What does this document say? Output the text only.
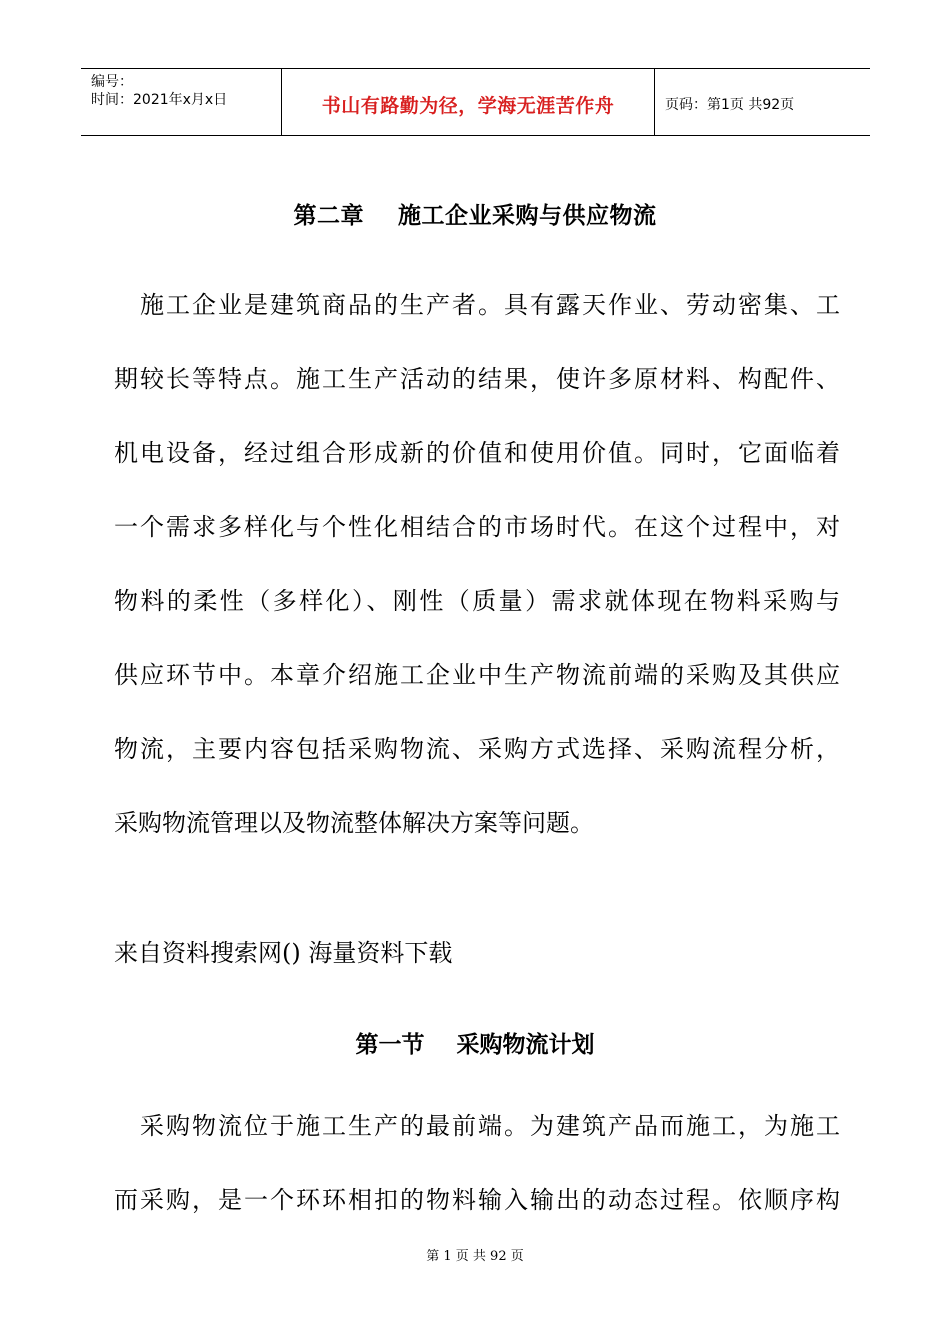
编号：
时间：2021年x月x日	书山有路勤为径，学海无涯苦作舟	页码：第1页 共92页
第二章    施工企业采购与供应物流
　施工企业是建筑商品的生产者。具有露天作业、劳动密集、工
期较长等特点。施工生产活动的结果，使许多原材料、构配件、
机电设备，经过组合形成新的价值和使用价值。同时，它面临着
一个需求多样化与个性化相结合的市场时代。在这个过程中，对
物料的柔性（多样化）、刚性（质量）需求就体现在物料采购与
供应环节中。本章介绍施工企业中生产物流前端的采购及其供应
物流，主要内容包括采购物流、采购方式选择、采购流程分析，
采购物流管理以及物流整体解决方案等问题。
来自资料搜索网() 海量资料下载
第一节    采购物流计划
　采购物流位于施工生产的最前端。为建筑产品而施工，为施工
而采购，是一个环环相扣的物料输入输出的动态过程。依顺序构
第 1 页 共 92 页
